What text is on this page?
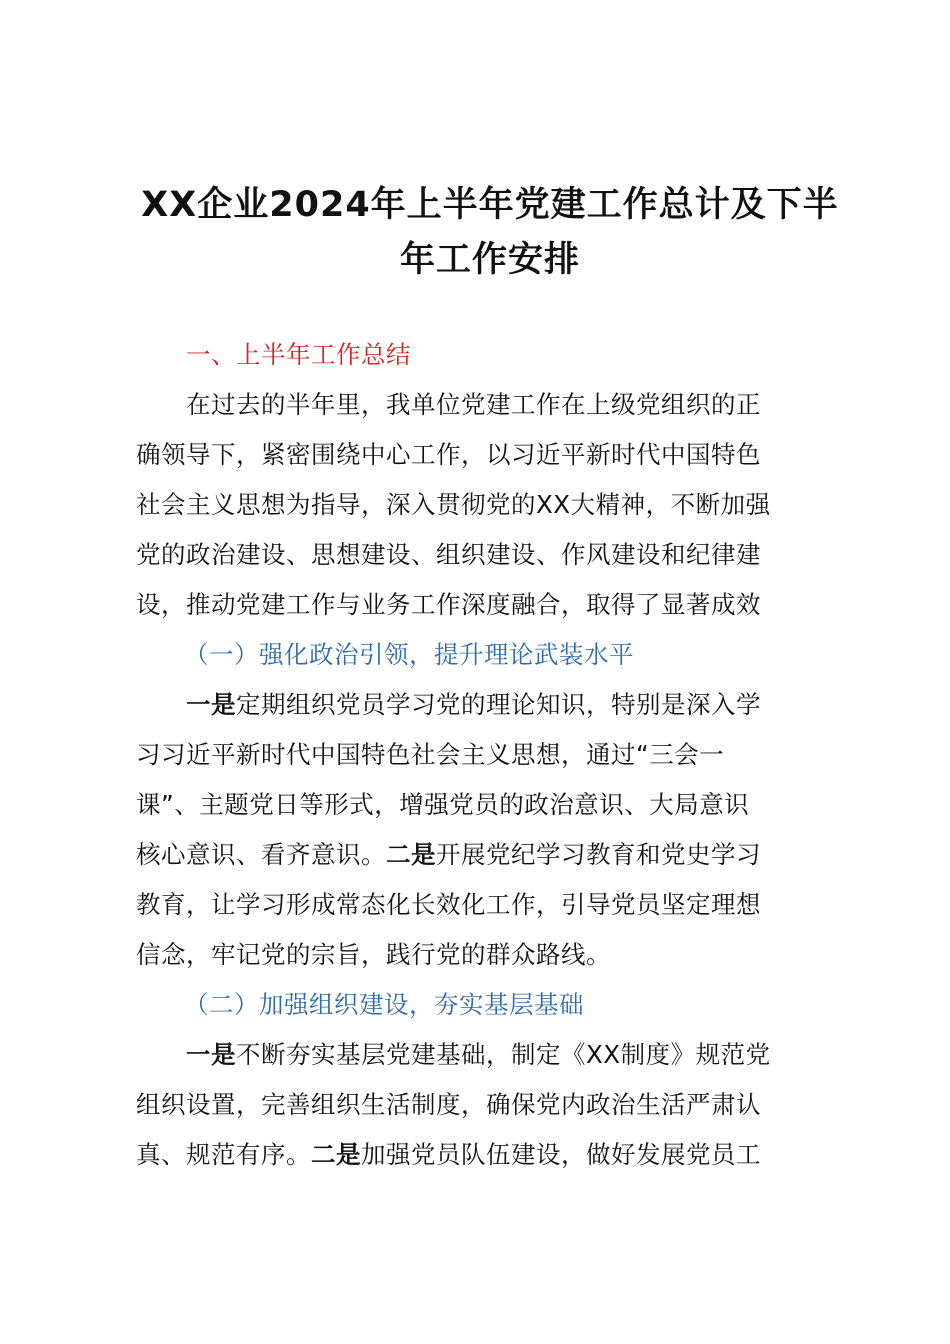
XX企业2024年上半年党建工作总计及下半
年工作安排
一、上半年工作总结
在过去的半年里，我单位党建工作在上级党组织的正
确领导下，紧密围绕中心工作，以习近平新时代中国特色
社会主义思想为指导，深入贯彻党的XX大精神，不断加强
党的政治建设、思想建设、组织建设、作风建设和纪律建
设，推动党建工作与业务工作深度融合，取得了显著成效
（一）强化政治引领，提升理论武装水平
一是定期组织党员学习党的理论知识，特别是深入学
习习近平新时代中国特色社会主义思想，通过“三会一
课”、主题党日等形式，增强党员的政治意识、大局意识
核心意识、看齐意识。二是开展党纪学习教育和党史学习
教育，让学习形成常态化长效化工作，引导党员坚定理想
信念，牢记党的宗旨，践行党的群众路线。
（二）加强组织建设，夯实基层基础
一是不断夯实基层党建基础，制定《XX制度》规范党
组织设置，完善组织生活制度，确保党内政治生活严肃认
真、规范有序。二是加强党员队伍建设，做好发展党员工
